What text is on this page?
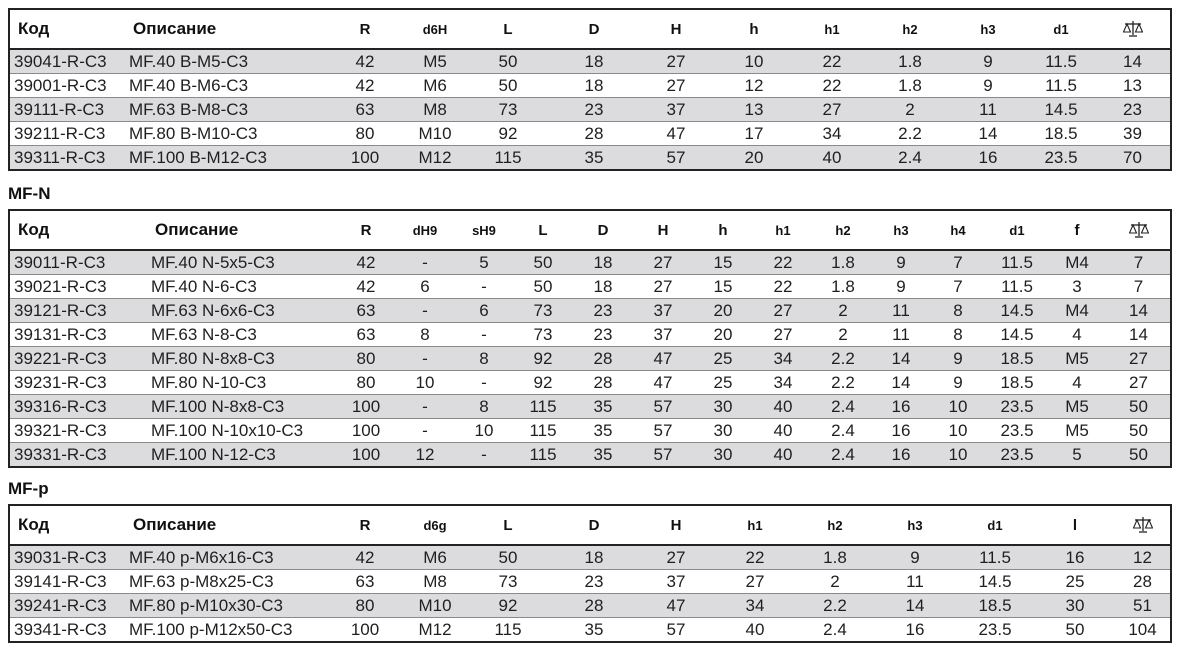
Код	Описание	R	d6H	L	D	H	h	h1	h2	h3	d1	
39041-R-C3	MF.40 B-M5-C3	42	M5	50	18	27	10	22	1.8	9	11.5	14
39001-R-C3	MF.40 B-M6-C3	42	M6	50	18	27	12	22	1.8	9	11.5	13
39111-R-C3	MF.63 B-M8-C3	63	M8	73	23	37	13	27	2	11	14.5	23
39211-R-C3	MF.80 B-M10-C3	80	M10	92	28	47	17	34	2.2	14	18.5	39
39311-R-C3	MF.100 B-M12-C3	100	M12	115	35	57	20	40	2.4	16	23.5	70
MF-N
Код	Описание	R	dH9	sH9	L	D	H	h	h1	h2	h3	h4	d1	f	
39011-R-C3	MF.40 N-5x5-C3	42	-	5	50	18	27	15	22	1.8	9	7	11.5	M4	7
39021-R-C3	MF.40 N-6-C3	42	6	-	50	18	27	15	22	1.8	9	7	11.5	3	7
39121-R-C3	MF.63 N-6x6-C3	63	-	6	73	23	37	20	27	2	11	8	14.5	M4	14
39131-R-C3	MF.63 N-8-C3	63	8	-	73	23	37	20	27	2	11	8	14.5	4	14
39221-R-C3	MF.80 N-8x8-C3	80	-	8	92	28	47	25	34	2.2	14	9	18.5	M5	27
39231-R-C3	MF.80 N-10-C3	80	10	-	92	28	47	25	34	2.2	14	9	18.5	4	27
39316-R-C3	MF.100 N-8x8-C3	100	-	8	115	35	57	30	40	2.4	16	10	23.5	M5	50
39321-R-C3	MF.100 N-10x10-C3	100	-	10	115	35	57	30	40	2.4	16	10	23.5	M5	50
39331-R-C3	MF.100 N-12-C3	100	12	-	115	35	57	30	40	2.4	16	10	23.5	5	50
MF-p
Код	Описание	R	d6g	L	D	H	h1	h2	h3	d1	l	
39031-R-C3	MF.40 p-M6x16-C3	42	M6	50	18	27	22	1.8	9	11.5	16	12
39141-R-C3	MF.63 p-M8x25-C3	63	M8	73	23	37	27	2	11	14.5	25	28
39241-R-C3	MF.80 p-M10x30-C3	80	M10	92	28	47	34	2.2	14	18.5	30	51
39341-R-C3	MF.100 p-M12x50-C3	100	M12	115	35	57	40	2.4	16	23.5	50	104
